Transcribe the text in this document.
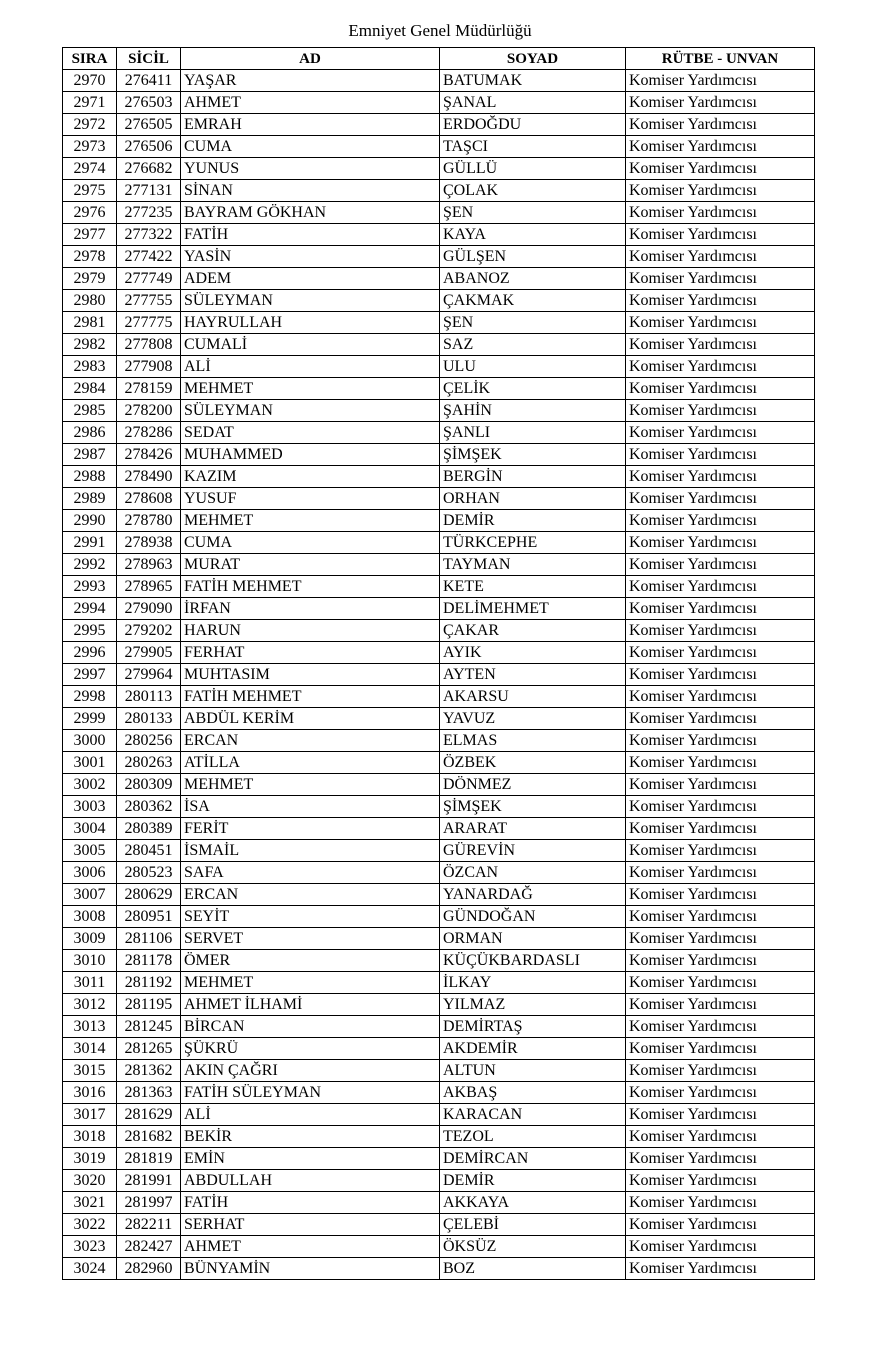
Emniyet Genel Müdürlüğü
SIRA	SİCİL	AD	SOYAD	RÜTBE - UNVAN
2970	276411	YAŞAR	BATUMAK	Komiser Yardımcısı
2971	276503	AHMET	ŞANAL	Komiser Yardımcısı
2972	276505	EMRAH	ERDOĞDU	Komiser Yardımcısı
2973	276506	CUMA	TAŞCI	Komiser Yardımcısı
2974	276682	YUNUS	GÜLLÜ	Komiser Yardımcısı
2975	277131	SİNAN	ÇOLAK	Komiser Yardımcısı
2976	277235	BAYRAM GÖKHAN	ŞEN	Komiser Yardımcısı
2977	277322	FATİH	KAYA	Komiser Yardımcısı
2978	277422	YASİN	GÜLŞEN	Komiser Yardımcısı
2979	277749	ADEM	ABANOZ	Komiser Yardımcısı
2980	277755	SÜLEYMAN	ÇAKMAK	Komiser Yardımcısı
2981	277775	HAYRULLAH	ŞEN	Komiser Yardımcısı
2982	277808	CUMALİ	SAZ	Komiser Yardımcısı
2983	277908	ALİ	ULU	Komiser Yardımcısı
2984	278159	MEHMET	ÇELİK	Komiser Yardımcısı
2985	278200	SÜLEYMAN	ŞAHİN	Komiser Yardımcısı
2986	278286	SEDAT	ŞANLI	Komiser Yardımcısı
2987	278426	MUHAMMED	ŞİMŞEK	Komiser Yardımcısı
2988	278490	KAZIM	BERGİN	Komiser Yardımcısı
2989	278608	YUSUF	ORHAN	Komiser Yardımcısı
2990	278780	MEHMET	DEMİR	Komiser Yardımcısı
2991	278938	CUMA	TÜRKCEPHE	Komiser Yardımcısı
2992	278963	MURAT	TAYMAN	Komiser Yardımcısı
2993	278965	FATİH MEHMET	KETE	Komiser Yardımcısı
2994	279090	İRFAN	DELİMEHMET	Komiser Yardımcısı
2995	279202	HARUN	ÇAKAR	Komiser Yardımcısı
2996	279905	FERHAT	AYIK	Komiser Yardımcısı
2997	279964	MUHTASIM	AYTEN	Komiser Yardımcısı
2998	280113	FATİH MEHMET	AKARSU	Komiser Yardımcısı
2999	280133	ABDÜL KERİM	YAVUZ	Komiser Yardımcısı
3000	280256	ERCAN	ELMAS	Komiser Yardımcısı
3001	280263	ATİLLA	ÖZBEK	Komiser Yardımcısı
3002	280309	MEHMET	DÖNMEZ	Komiser Yardımcısı
3003	280362	İSA	ŞİMŞEK	Komiser Yardımcısı
3004	280389	FERİT	ARARAT	Komiser Yardımcısı
3005	280451	İSMAİL	GÜREVİN	Komiser Yardımcısı
3006	280523	SAFA	ÖZCAN	Komiser Yardımcısı
3007	280629	ERCAN	YANARDAĞ	Komiser Yardımcısı
3008	280951	SEYİT	GÜNDOĞAN	Komiser Yardımcısı
3009	281106	SERVET	ORMAN	Komiser Yardımcısı
3010	281178	ÖMER	KÜÇÜKBARDASLI	Komiser Yardımcısı
3011	281192	MEHMET	İLKAY	Komiser Yardımcısı
3012	281195	AHMET İLHAMİ	YILMAZ	Komiser Yardımcısı
3013	281245	BİRCAN	DEMİRTAŞ	Komiser Yardımcısı
3014	281265	ŞÜKRÜ	AKDEMİR	Komiser Yardımcısı
3015	281362	AKIN ÇAĞRI	ALTUN	Komiser Yardımcısı
3016	281363	FATİH SÜLEYMAN	AKBAŞ	Komiser Yardımcısı
3017	281629	ALİ	KARACAN	Komiser Yardımcısı
3018	281682	BEKİR	TEZOL	Komiser Yardımcısı
3019	281819	EMİN	DEMİRCAN	Komiser Yardımcısı
3020	281991	ABDULLAH	DEMİR	Komiser Yardımcısı
3021	281997	FATİH	AKKAYA	Komiser Yardımcısı
3022	282211	SERHAT	ÇELEBİ	Komiser Yardımcısı
3023	282427	AHMET	ÖKSÜZ	Komiser Yardımcısı
3024	282960	BÜNYAMİN	BOZ	Komiser Yardımcısı
